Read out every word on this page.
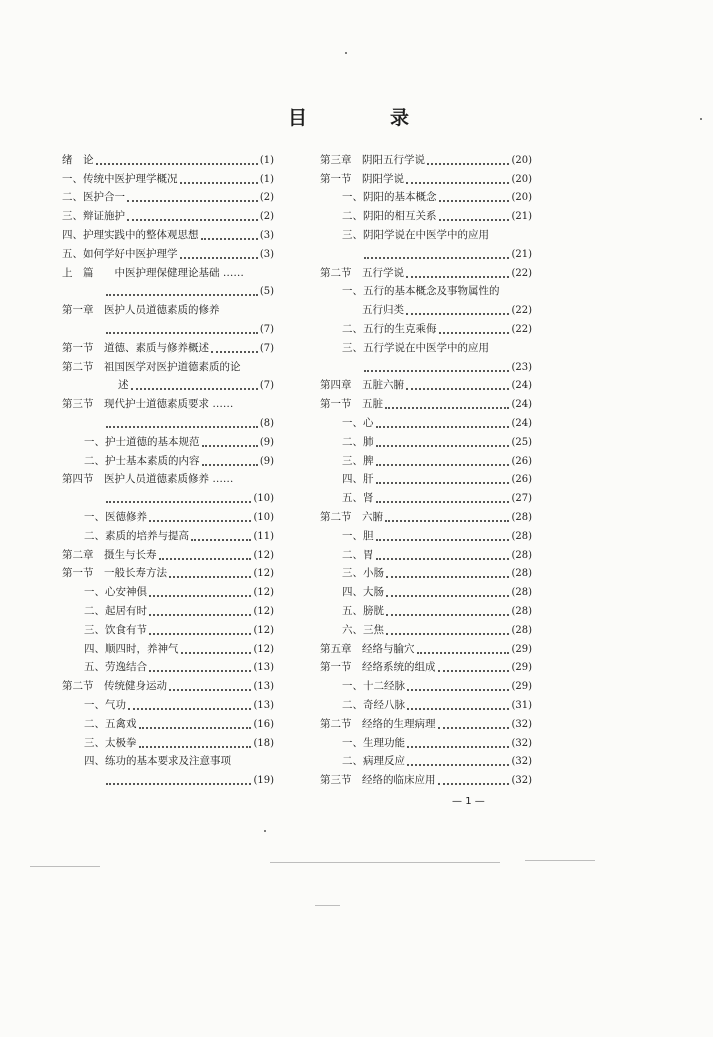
目　录
绪　论	(1)
一、传统中医护理学概况	(1)
二、医护合一	(2)
三、辩证施护	(2)
四、护理实践中的整体观思想	(3)
五、如何学好中医护理学	(3)
上　篇　　中医护理保健理论基础 ……
(5)
第一章　医护人员道德素质的修养
(7)
第一节　道德、素质与修养概述	(7)
第二节　祖国医学对医护道德素质的论
述	(7)
第三节　现代护士道德素质要求 ……
(8)
一、护士道德的基本规范	(9)
二、护士基本素质的内容	(9)
第四节　医护人员道德素质修养 ……
(10)
一、医德修养	(10)
二、素质的培养与提高	(11)
第二章　摄生与长寿	(12)
第一节　一般长寿方法	(12)
一、心安神俱	(12)
二、起居有时	(12)
三、饮食有节	(12)
四、顺四时，养神气	(12)
五、劳逸结合	(13)
第二节　传统健身运动	(13)
一、气功	(13)
二、五禽戏	(16)
三、太极拳	(18)
四、练功的基本要求及注意事项
(19)
第三章　阴阳五行学说	(20)
第一节　阴阳学说	(20)
一、阴阳的基本概念	(20)
二、阴阳的相互关系	(21)
三、阴阳学说在中医学中的应用
(21)
第二节　五行学说	(22)
一、五行的基本概念及事物属性的
五行归类	(22)
二、五行的生克乘侮	(22)
三、五行学说在中医学中的应用
(23)
第四章　五脏六腑	(24)
第一节　五脏	(24)
一、心	(24)
二、肺	(25)
三、脾	(26)
四、肝	(26)
五、肾	(27)
第二节　六腑	(28)
一、胆	(28)
二、胃	(28)
三、小肠	(28)
四、大肠	(28)
五、膀胱	(28)
六、三焦	(28)
第五章　经络与腧穴	(29)
第一节　经络系统的组成	(29)
一、十二经脉	(29)
二、奇经八脉	(31)
第二节　经络的生理病理	(32)
一、生理功能	(32)
二、病理反应	(32)
第三节　经络的临床应用	(32)
— 1 —
